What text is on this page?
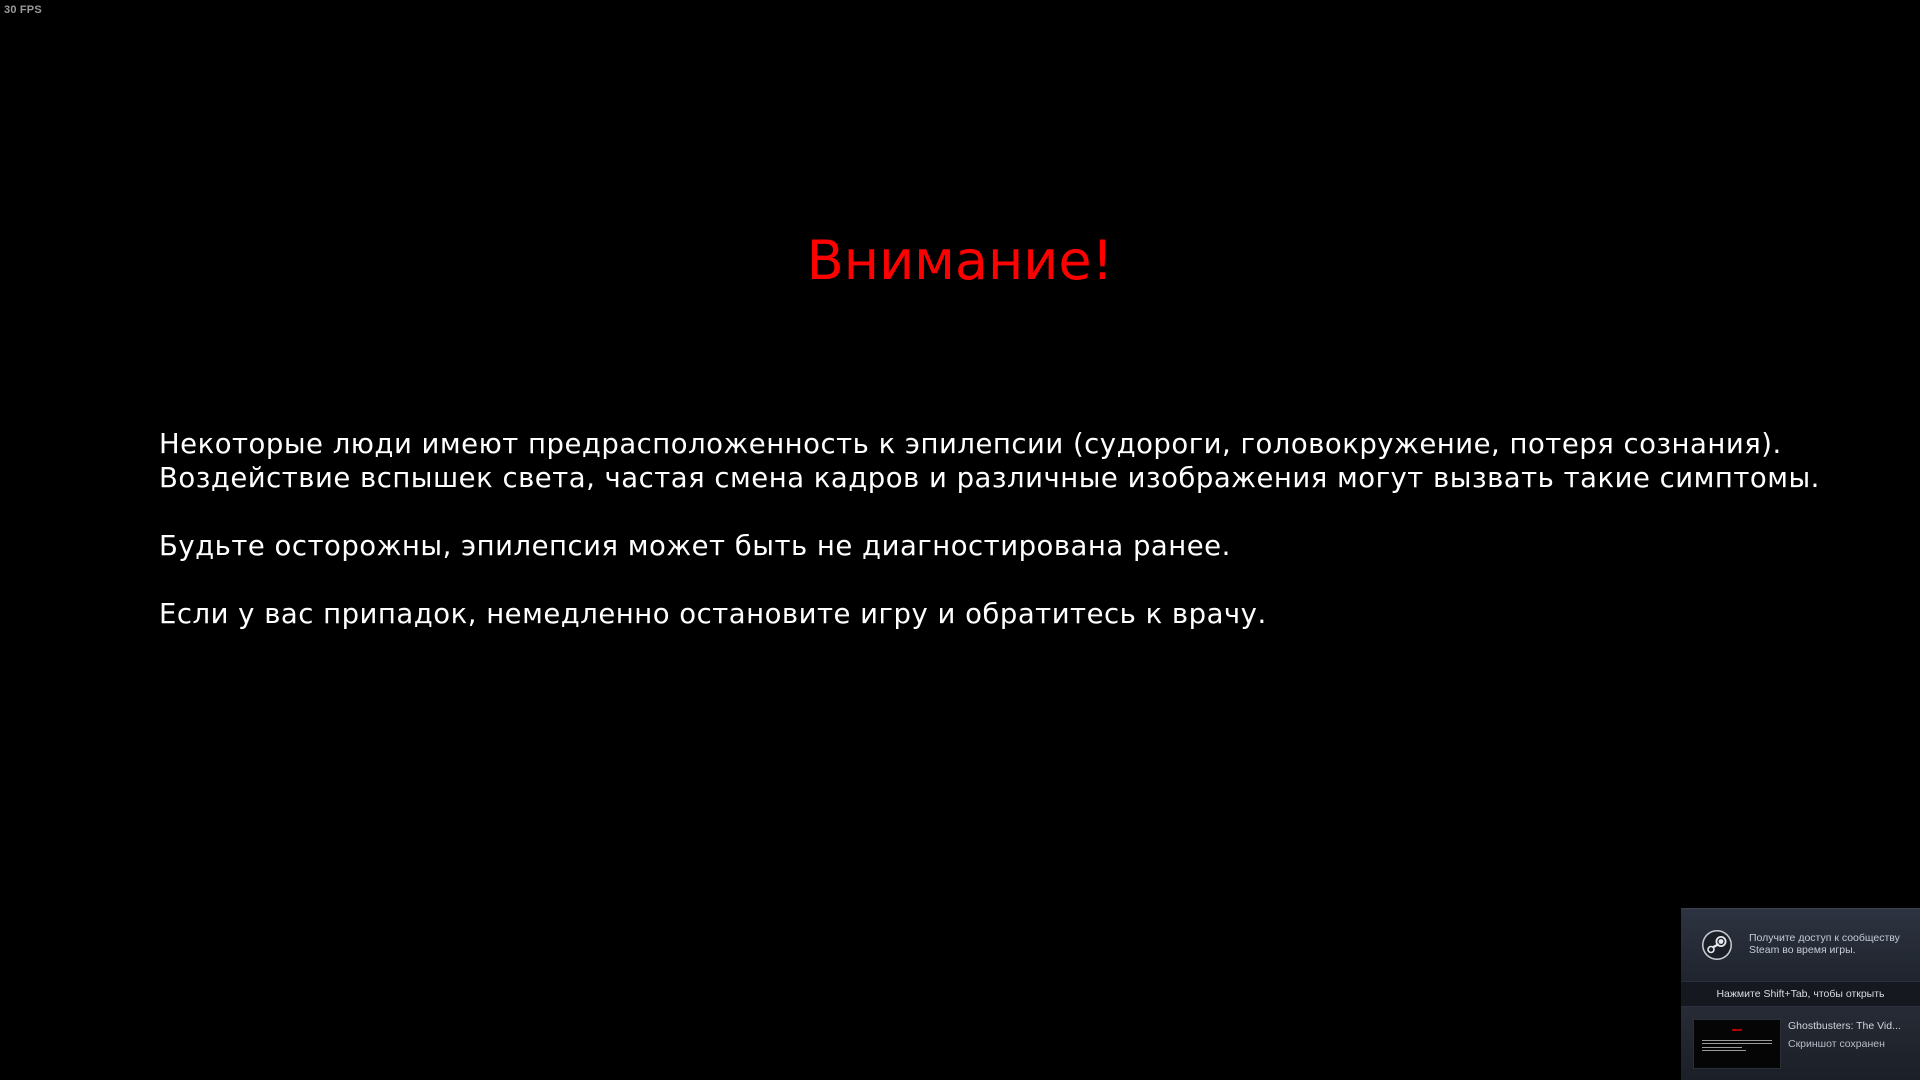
30 FPS
Внимание!
Некоторые люди имеют предрасположенность к эпилепсии (судороги, головокружение, потеря сознания).
Воздействие вспышек света, частая смена кадров и различные изображения могут вызвать такие симптомы.
Будьте осторожны, эпилепсия может быть не диагностирована ранее.
Если у вас припадок, немедленно остановите игру и обратитесь к врачу.
Получите доступ к сообществу Steam во время игры.
Нажмите Shift+Tab, чтобы открыть
Ghostbusters: The Vid...
Скриншот сохранен
